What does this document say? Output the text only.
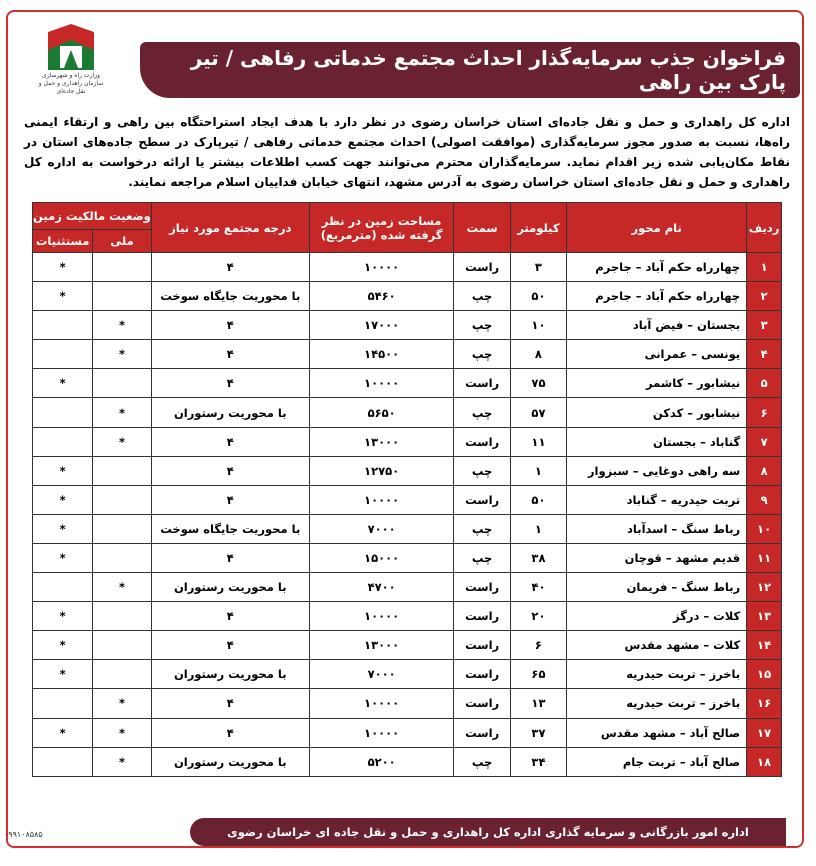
وزارت راه و شهرسازی
سازمان راهداری و حمل و نقل جاده‌ای
فراخوان جذب سرمایه‌گذار احداث مجتمع خدماتی رفاهی / تیر پارک بین راهی
اداره کل راهداری و حمل و نقل جاده‌ای استان خراسان رضوی در نظر دارد با هدف ایجاد استراحتگاه بین راهی و ارتقاء ایمنی راه‌ها، نسبت به صدور مجوز سرمایه‌گذاری (موافقت اصولی) احداث مجتمع خدماتی رفاهی / تیرپارک در سطح جاده‌های استان در نقاط مکان‌یابی شده زیر اقدام نماید. سرمایه‌گذاران محترم می‌توانند جهت کسب اطلاعات بیشتر یا ارائه درخواست به اداره کل راهداری و حمل و نقل جاده‌ای استان خراسان رضوی به آدرس مشهد، انتهای خیابان فداییان اسلام مراجعه نمایند.
ردیف	نام محور	کیلومتر	سمت	مساحت زمین در نظر گرفته شده (مترمربع)	درجه مجتمع مورد نیاز	وضعیت مالکیت زمین	
						ملی	مستثنیات
۱	چهارراه حکم آباد – جاجرم	۳	راست	۱۰۰۰۰	۴		*
۲	چهارراه حکم آباد – جاجرم	۵۰	چپ	۵۴۶۰	با محوریت جایگاه سوخت		*
۳	بجستان – فیض آباد	۱۰	چپ	۱۷۰۰۰	۴	*	
۴	یونسی – عمرانی	۸	چپ	۱۴۵۰۰	۴	*	
۵	نیشابور – کاشمر	۷۵	راست	۱۰۰۰۰	۴		*
۶	نیشابور – کدکن	۵۷	چپ	۵۶۵۰	با محوریت رستوران	*	
۷	گناباد – بجستان	۱۱	راست	۱۳۰۰۰	۴	*	
۸	سه راهی دوغایی – سبزوار	۱	چپ	۱۲۷۵۰	۴		*
۹	تربت حیدریه – گناباد	۵۰	راست	۱۰۰۰۰	۴		*
۱۰	رباط سنگ – اسدآباد	۱	چپ	۷۰۰۰	با محوریت جایگاه سوخت		*
۱۱	قدیم مشهد – قوچان	۳۸	چپ	۱۵۰۰۰	۴		*
۱۲	رباط سنگ – فریمان	۴۰	راست	۴۷۰۰	با محوریت رستوران	*	
۱۳	کلات – درگز	۲۰	راست	۱۰۰۰۰	۴		*
۱۴	کلات – مشهد مقدس	۶	راست	۱۳۰۰۰	۴		*
۱۵	باخرز – تربت حیدریه	۶۵	راست	۷۰۰۰	با محوریت رستوران		*
۱۶	باخرز – تربت حیدریه	۱۳	راست	۱۰۰۰۰	۴	*	
۱۷	صالح آباد – مشهد مقدس	۳۷	راست	۱۰۰۰۰	۴	*	*
۱۸	صالح آباد – تربت جام	۳۴	چپ	۵۲۰۰	با محوریت رستوران	*	
اداره امور بازرگانی و سرمایه گذاری اداره کل راهداری و حمل و نقل جاده ای خراسان رضوی
۰۹۹۱۰۸۵۸۵
